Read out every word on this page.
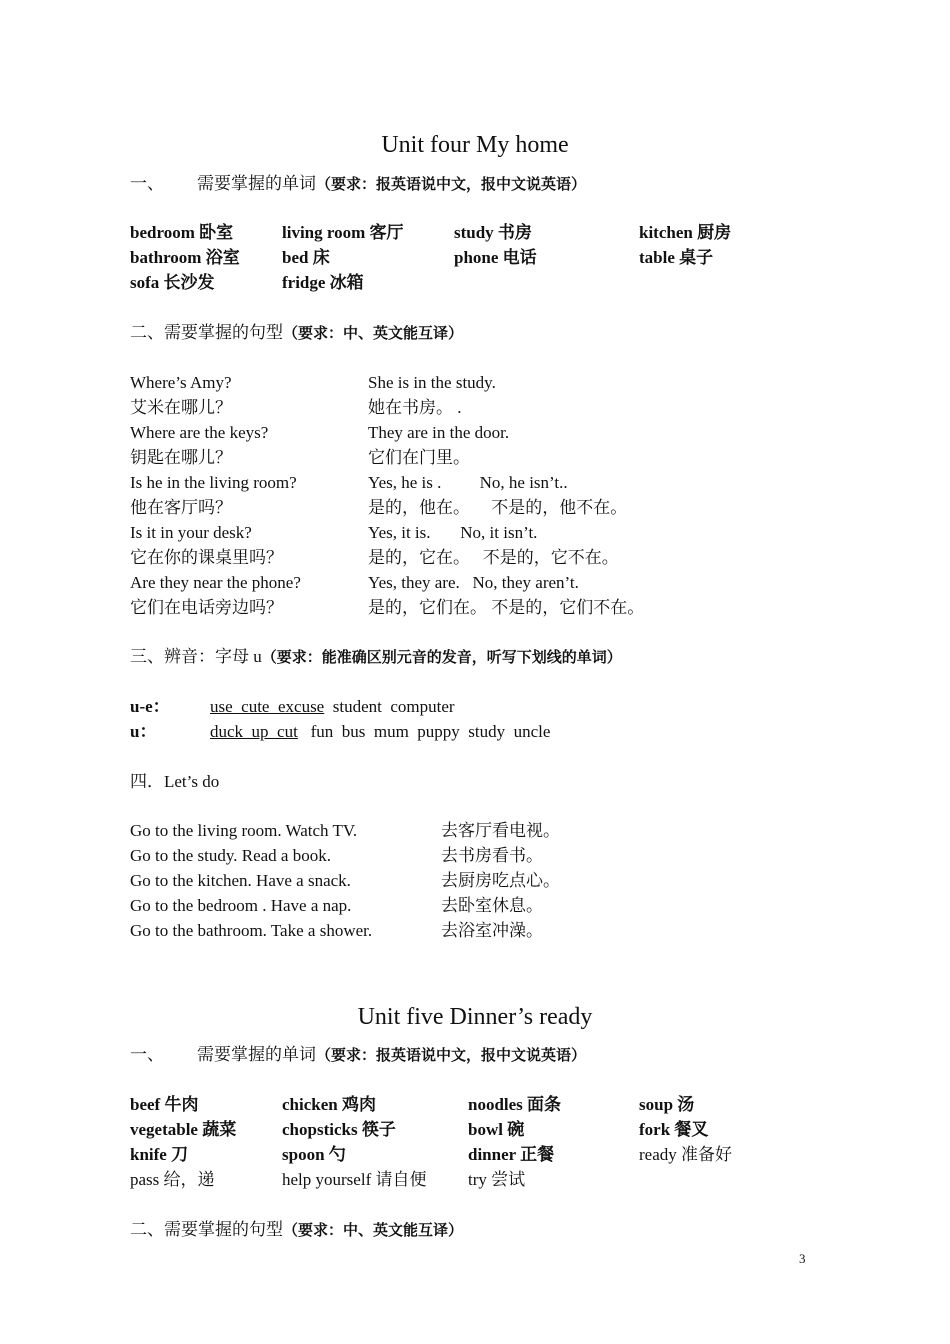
Unit four My home
一、 需要掌握的单词（要求：报英语说中文，报中文说英语）
bedroom 卧室	living room 客厅	study 书房	kitchen 厨房
bathroom 浴室 bed 床	phone 电话	table 桌子
sofa 长沙发	fridge 冰箱
二、需要掌握的句型（要求：中、英文能互译）
Where’s Amy?	She is in the study.
艾米在哪儿？	她在书房。 .
Where are the keys?	They are in the door.
钥匙在哪儿？	它们在门里。
Is he in the living room?	Yes, he is .         No, he isn’t..
他在客厅吗？	是的，他在。     不是的，他不在。
Is it in your desk?	Yes, it is.       No, it isn’t.
它在你的课桌里吗？	是的，它在。   不是的，它不在。
Are they near the phone?	Yes, they are.   No, they aren’t.
它们在电话旁边吗？	是的，它们在。 不是的，它们不在。
三、辨音：字母 u（要求：能准确区别元音的发音，听写下划线的单词）
u-e： use  cute  excuse  student  computer
u：	duck  up  cut   fun  bus  mum  puppy  study  uncle
四．Let’s do
Go to the living room. Watch TV.	去客厅看电视。
Go to the study. Read a book.	去书房看书。
Go to the kitchen. Have a snack.	去厨房吃点心。
Go to the bedroom . Have a nap.	去卧室休息。
Go to the bathroom. Take a shower.	去浴室冲澡。
Unit five Dinner’s ready
一、 需要掌握的单词（要求：报英语说中文，报中文说英语）
beef 牛肉	chicken 鸡肉	noodles 面条	soup 汤
vegetable 蔬菜	chopsticks 筷子	bowl 碗	fork 餐叉
knife 刀	spoon 勺	dinner 正餐	ready 准备好
pass 给，递	help yourself 请自便 try 尝试
二、需要掌握的句型（要求：中、英文能互译）
3
